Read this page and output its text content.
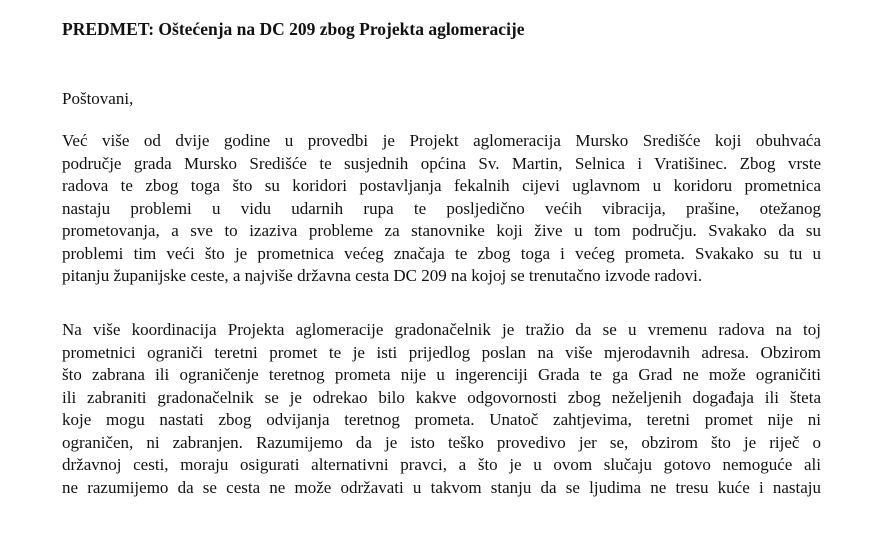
PREDMET: Oštećenja na DC 209 zbog Projekta aglomeracije
Poštovani,
Već više od dvije godine u provedbi je Projekt aglomeracija Mursko Središće koji obuhvaća
područje grada Mursko Središće te susjednih općina Sv. Martin, Selnica i Vratišinec. Zbog vrste
radova te zbog toga što su koridori postavljanja fekalnih cijevi uglavnom u koridoru prometnica
nastaju problemi u vidu udarnih rupa te posljedično većih vibracija, prašine, otežanog
prometovanja, a sve to izaziva probleme za stanovnike koji žive u tom području. Svakako da su
problemi tim veći što je prometnica većeg značaja te zbog toga i većeg prometa. Svakako su tu u
pitanju županijske ceste, a najviše državna cesta DC 209 na kojoj se trenutačno izvode radovi.
Na više koordinacija Projekta aglomeracije gradonačelnik je tražio da se u vremenu radova na toj
prometnici ograniči teretni promet te je isti prijedlog poslan na više mjerodavnih adresa. Obzirom
što zabrana ili ograničenje teretnog prometa nije u ingerenciji Grada te ga Grad ne može ograničiti
ili zabraniti gradonačelnik se je odrekao bilo kakve odgovornosti zbog neželjenih događaja ili šteta
koje mogu nastati zbog odvijanja teretnog prometa. Unatoč zahtjevima, teretni promet nije ni
ograničen, ni zabranjen. Razumijemo da je isto teško provedivo jer se, obzirom što je riječ o
državnoj cesti, moraju osigurati alternativni pravci, a što je u ovom slučaju gotovo nemoguće ali
ne razumijemo da se cesta ne može održavati u takvom stanju da se ljudima ne tresu kuće i nastaju
